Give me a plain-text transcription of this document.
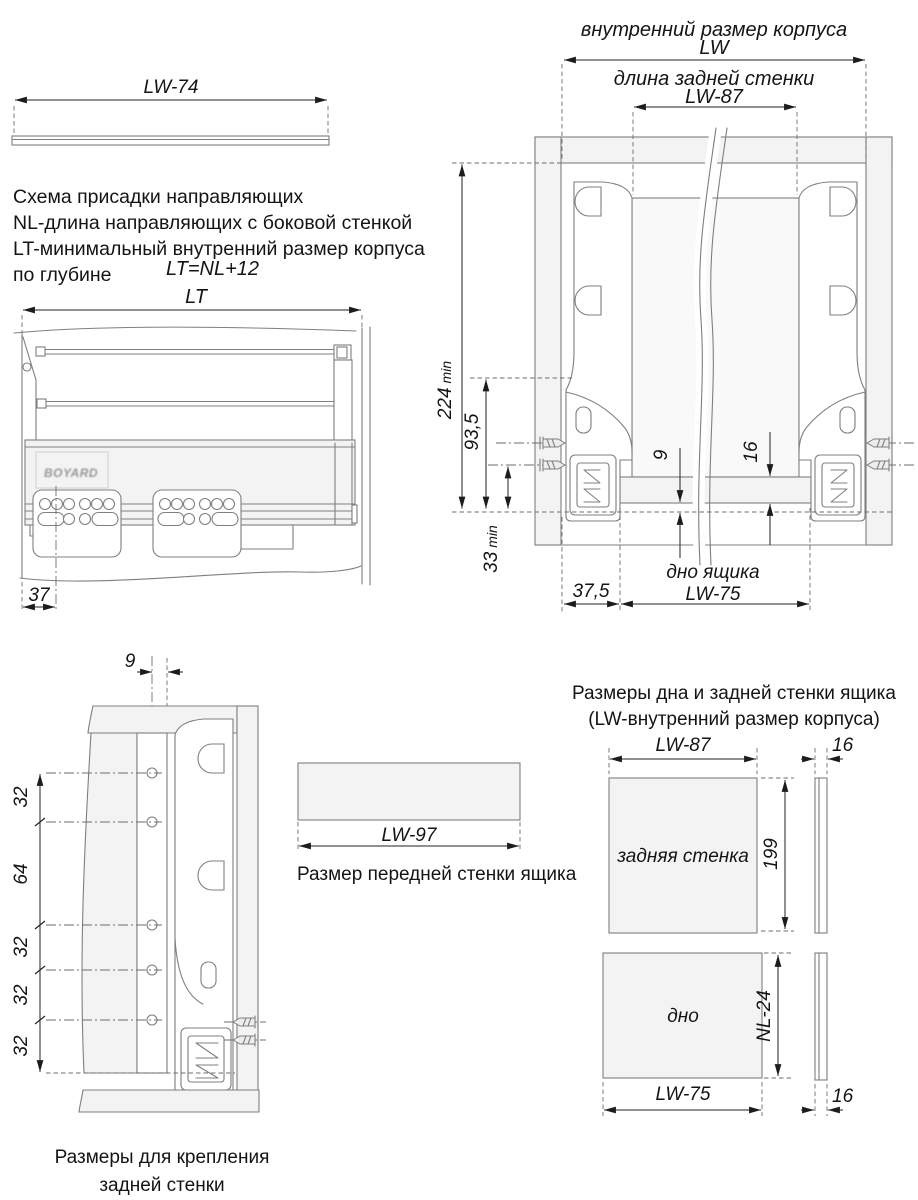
LW-74
LT
BOYARD
37
внутренний размер корпуса
LW
длина задней стенки
LW-87
224min
93,5
33min
9	16
37,5
дно ящика
LW-75
9
32
64
32
32
32
LW-97
задняя стенка
LW-87
199
16
дно	NL-24
LW-75	16
Схема присадки направляющих
NL-длина направляющих с боковой стенкой
LT-минимальный внутренний размер корпуса
по глубине	LT=NL+12
Размеры для крепления
задней стенки
Размер передней стенки ящика
Размеры дна и задней стенки ящика
(LW-внутренний размер корпуса)
